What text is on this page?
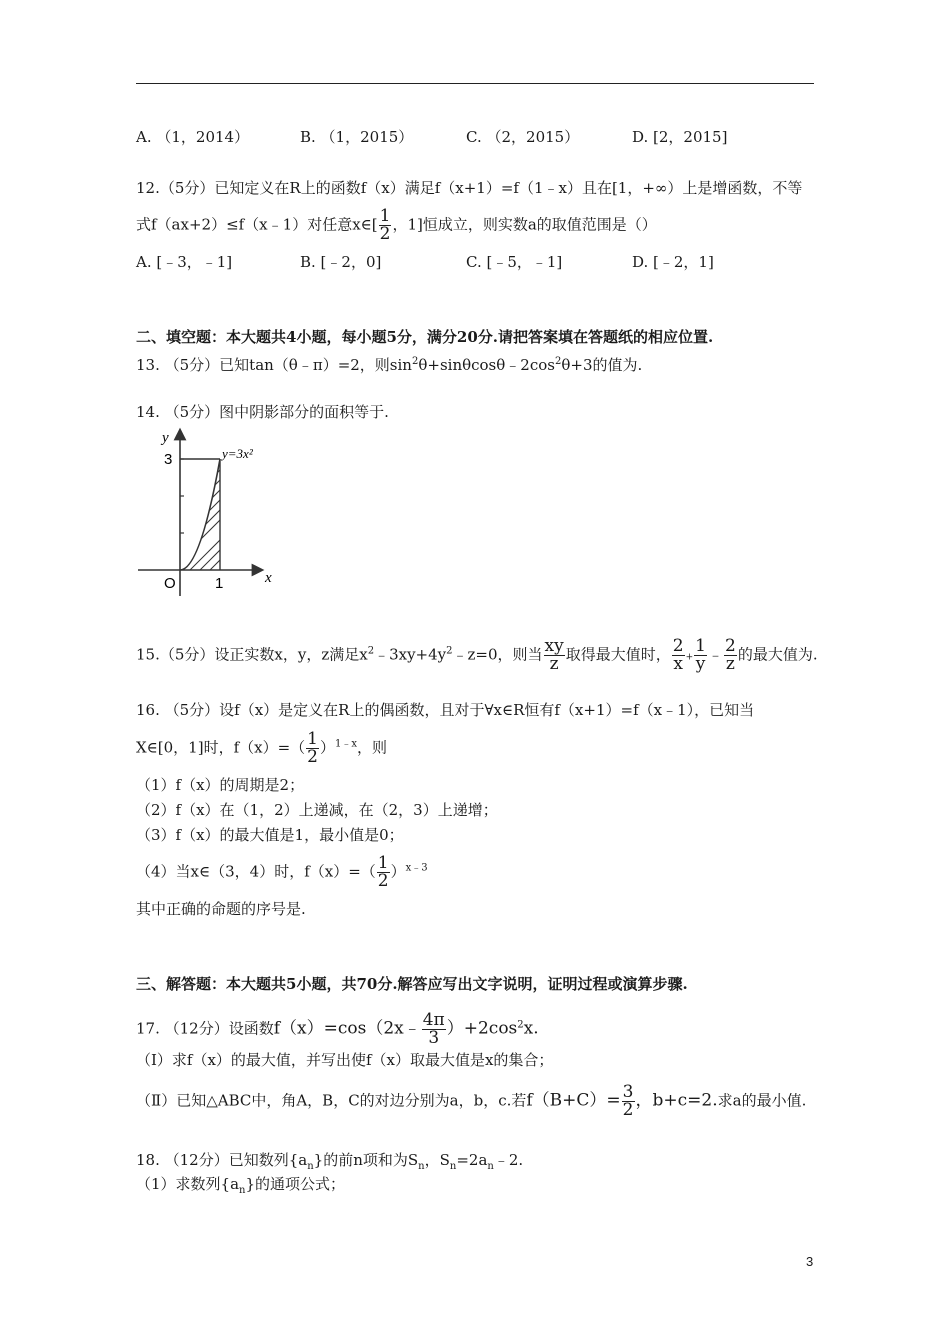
A. （1，2014）	B. （1，2015）	C. （2，2015）	D. [2，2015]
12.（5分）已知定义在R上的函数f（x）满足f（x+1）=f（1﹣x）且在[1，+∞）上是增函数，不等
式f（ax+2）≤f（x﹣1）对任意x∈[ $\frac{1}{2}$ ，1]恒成立，则实数a的取值范围是（）
A. [﹣3，﹣1]	B. [﹣2，0]	C. [﹣5，﹣1]	D. [﹣2，1]
二、填空题：本大题共4小题，每小题5分，满分20分.请把答案填在答题纸的相应位置.
13. （5分）已知tan（θ﹣π）=2，则$\sin^2\theta+\sin\theta\cos\theta﹣2\cos^2\theta+3$的值为.
14. （5分）图中阴影部分的面积等于.
y
x
3
1
O
y=3x²
15.（5分）设正实数x，y，z满足$x^2﹣3xy+4y^2﹣z=0$，则当 $\frac{xy}{z}$ 取得最大值时， $\frac{2}{x} + \frac{1}{y}$ ﹣ $\frac{2}{z}$ 的最大值为.
16. （5分）设f（x）是定义在R上的偶函数，且对于∀x∈R恒有f（x+1）=f（x﹣1），已知当
X∈[0，1]时，$f(x)=( \frac{1}{2} )^{1﹣x}$，则
（1）f（x）的周期是2；
（2）f（x）在（1，2）上递减，在（2，3）上递增；
（3）f（x）的最大值是1，最小值是0；
（4）当x∈（3，4）时，$f(x)=( \frac{1}{2} )^{x﹣3}$
其中正确的命题的序号是.
三、解答题：本大题共5小题，共70分.解答应写出文字说明，证明过程或演算步骤.
17. （12分）设函数f（x）=cos（2x﹣ $\frac{4\pi}{3} )+2\cos^2x$.
（Ⅰ）求f（x）的最大值，并写出使f（x）取最大值是x的集合；
（Ⅱ）已知△ABC中，角A，B，C的对边分别为a，b，c.若$f(B+C)= \frac{3}{2}$ ，b+c=2.求a的最小值.
18. （12分）已知数列$\{a_n\}$的前n项和为$S_n$，$S_n=2a_n﹣2$.
（1）求数列$\{a_n\}$的通项公式；
3
